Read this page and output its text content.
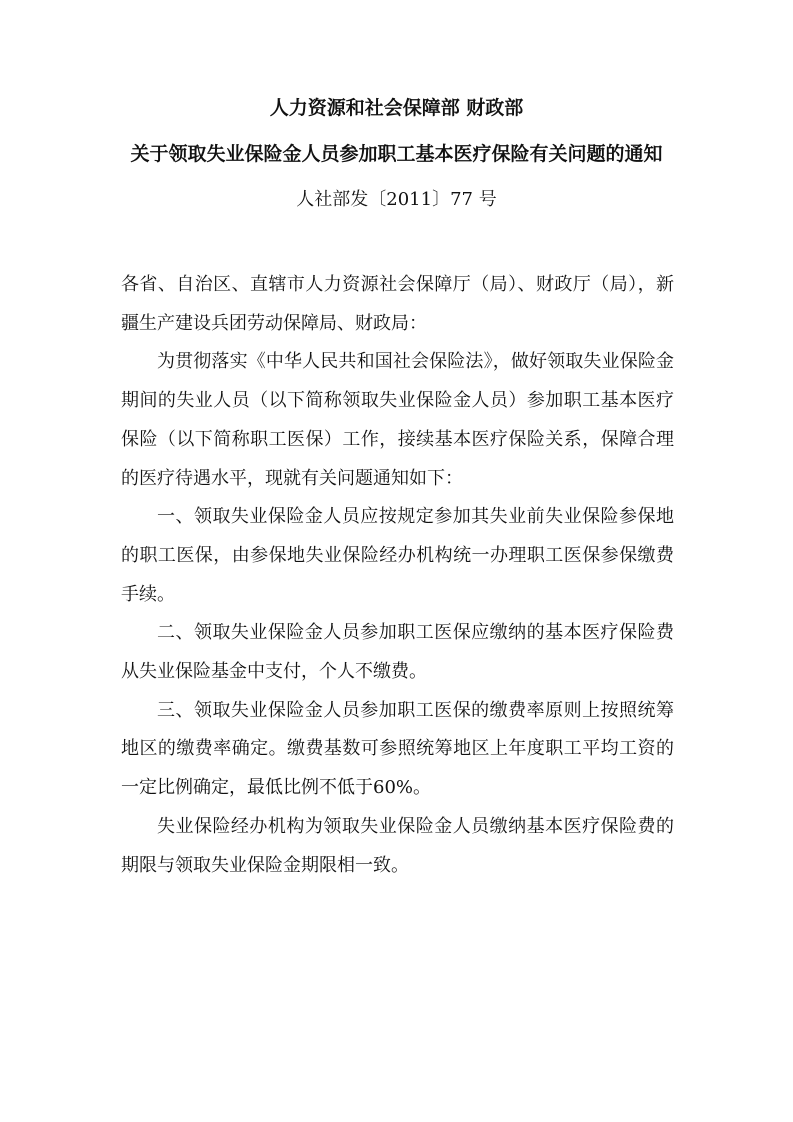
人力资源和社会保障部 财政部
关于领取失业保险金人员参加职工基本医疗保险有关问题的通知
人社部发〔2011〕77 号

各省、自治区、直辖市人力资源社会保障厅（局）、财政厅（局），新疆生产建设兵团劳动保障局、财政局：

为贯彻落实《中华人民共和国社会保险法》，做好领取失业保险金期间的失业人员（以下简称领取失业保险金人员）参加职工基本医疗保险（以下简称职工医保）工作，接续基本医疗保险关系，保障合理的医疗待遇水平，现就有关问题通知如下：

一、领取失业保险金人员应按规定参加其失业前失业保险参保地的职工医保，由参保地失业保险经办机构统一办理职工医保参保缴费手续。

二、领取失业保险金人员参加职工医保应缴纳的基本医疗保险费从失业保险基金中支付，个人不缴费。

三、领取失业保险金人员参加职工医保的缴费率原则上按照统筹地区的缴费率确定。缴费基数可参照统筹地区上年度职工平均工资的一定比例确定，最低比例不低于60%。

失业保险经办机构为领取失业保险金人员缴纳基本医疗保险费的期限与领取失业保险金期限相一致。
